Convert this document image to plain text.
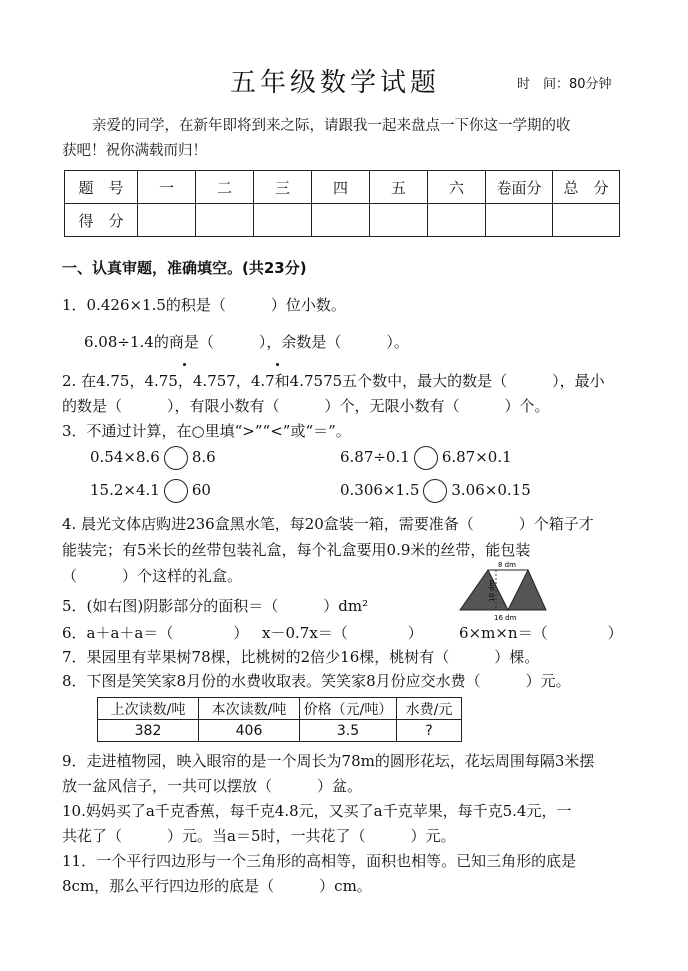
五年级数学试题	时　间：80分钟
亲爱的同学，在新年即将到来之际，请跟我一起来盘点一下你这一学期的收
获吧！祝你满载而归！
题　号	一	二	三	四	五	六	卷面分	总　分
得　分								
一、认真审题，准确填空。(共23分)
1．0.426×1.5的积是（　　　）位小数。
6.08÷1.4的商是（　　　），余数是（　　　）。
2. 在4.75，4.75，4.757，4.7和4.7575五个数中，最大的数是（　　　），最小
的数是（　　　），有限小数有（　　　）个，无限小数有（　　　）个。
3．不通过计算，在○里填“>”“<”或“＝”。
0.54×8.6 8.6	6.87÷0.1 6.87×0.1
15.2×4.1 60	0.306×1.5 3.06×0.15
4. 晨光文体店购进236盒黑水笔，每20盒装一箱，需要准备（　　　）个箱子才
能装完；有5米长的丝带包装礼盒，每个礼盒要用0.9米的丝带，能包装
（　　　）个这样的礼盒。
5．(如右图)阴影部分的面积＝（　　　）dm²
8 dm
10 dm
16 dm
6．a＋a＋a＝（　　　　） x－0.7x＝（　　　　） 6×m×n＝（　　　　）
7．果园里有苹果树78棵，比桃树的2倍少16棵，桃树有（　　　）棵。
8．下图是笑笑家8月份的水费收取表。笑笑家8月份应交水费（　　　）元。
上次读数/吨	本次读数/吨	价格（元/吨）	水费/元
382	406	3.5	?
9．走进植物园，映入眼帘的是一个周长为78m的圆形花坛，花坛周围每隔3米摆
放一盆风信子，一共可以摆放（　　　）盆。
10.妈妈买了a千克香蕉，每千克4.8元，又买了a千克苹果，每千克5.4元，一
共花了（　　　）元。当a＝5时，一共花了（　　　）元。
11．一个平行四边形与一个三角形的高相等，面积也相等。已知三角形的底是
8cm，那么平行四边形的底是（　　　）cm。
